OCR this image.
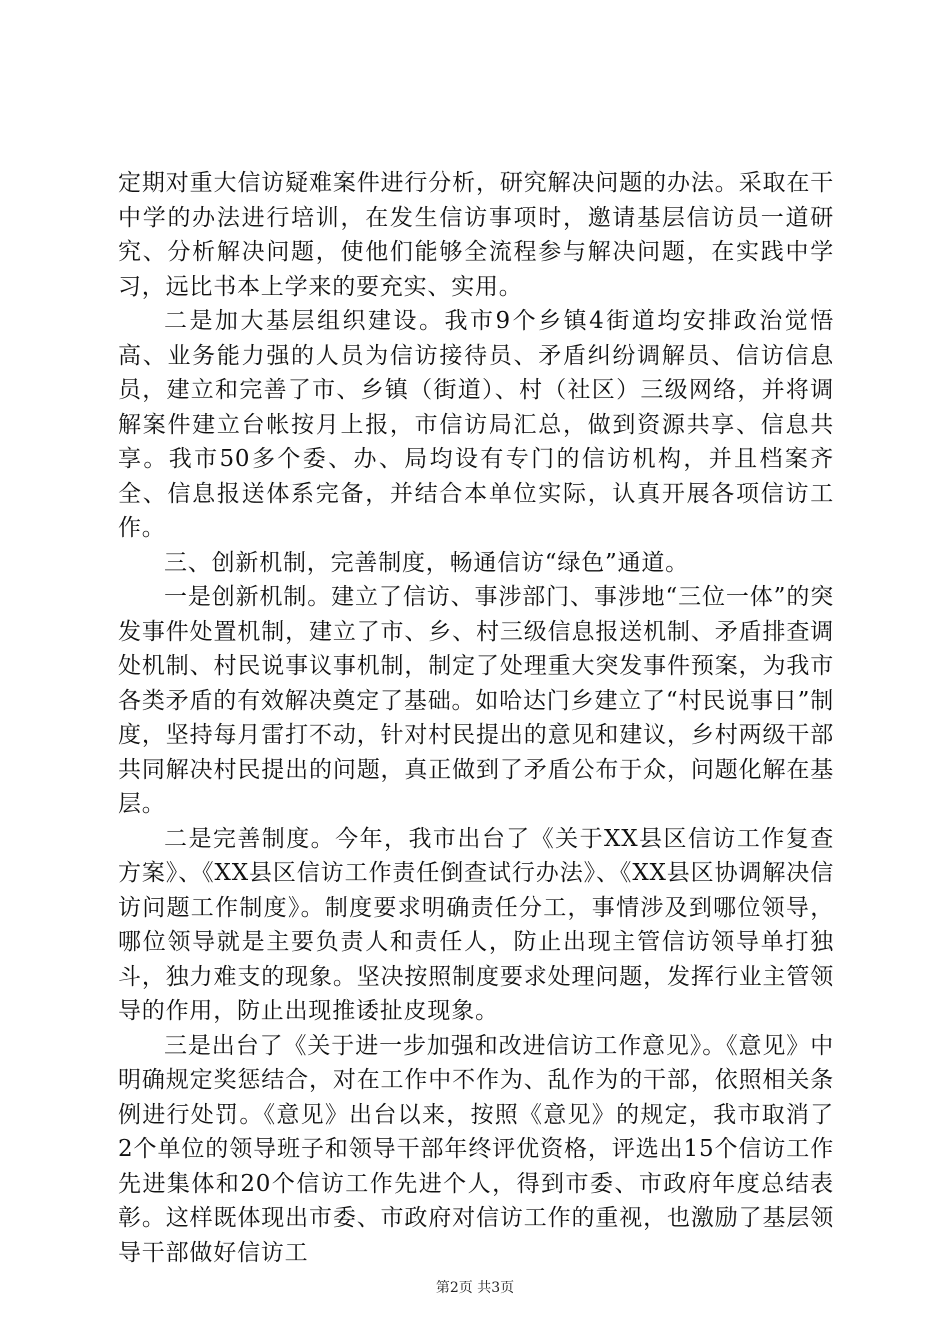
定期对重大信访疑难案件进行分析，研究解决问题的办法。采取在干中学的办法进行培训，在发生信访事项时，邀请基层信访员一道研究、分析解决问题，使他们能够全流程参与解决问题，在实践中学习，远比书本上学来的要充实、实用。

二是加大基层组织建设。我市9个乡镇4街道均安排政治觉悟高、业务能力强的人员为信访接待员、矛盾纠纷调解员、信访信息员，建立和完善了市、乡镇（街道）、村（社区）三级网络，并将调解案件建立台帐按月上报，市信访局汇总，做到资源共享、信息共享。我市50多个委、办、局均设有专门的信访机构，并且档案齐全、信息报送体系完备，并结合本单位实际，认真开展各项信访工作。

三、创新机制，完善制度，畅通信访“绿色”通道。

一是创新机制。建立了信访、事涉部门、事涉地“三位一体”的突发事件处置机制，建立了市、乡、村三级信息报送机制、矛盾排查调处机制、村民说事议事机制，制定了处理重大突发事件预案，为我市各类矛盾的有效解决奠定了基础。如哈达门乡建立了“村民说事日”制度，坚持每月雷打不动，针对村民提出的意见和建议，乡村两级干部共同解决村民提出的问题，真正做到了矛盾公布于众，问题化解在基层。

二是完善制度。今年，我市出台了《关于XX县区信访工作复查方案》、《XX县区信访工作责任倒查试行办法》、《XX县区协调解决信访问题工作制度》。制度要求明确责任分工，事情涉及到哪位领导，哪位领导就是主要负责人和责任人，防止出现主管信访领导单打独斗，独力难支的现象。坚决按照制度要求处理问题，发挥行业主管领导的作用，防止出现推诿扯皮现象。

三是出台了《关于进一步加强和改进信访工作意见》。《意见》中明确规定奖惩结合，对在工作中不作为、乱作为的干部，依照相关条例进行处罚。《意见》出台以来，按照《意见》的规定，我市取消了2个单位的领导班子和领导干部年终评优资格，评选出15个信访工作先进集体和20个信访工作先进个人，得到市委、市政府年度总结表彰。这样既体现出市委、市政府对信访工作的重视，也激励了基层领导干部做好信访工

第2页 共3页
